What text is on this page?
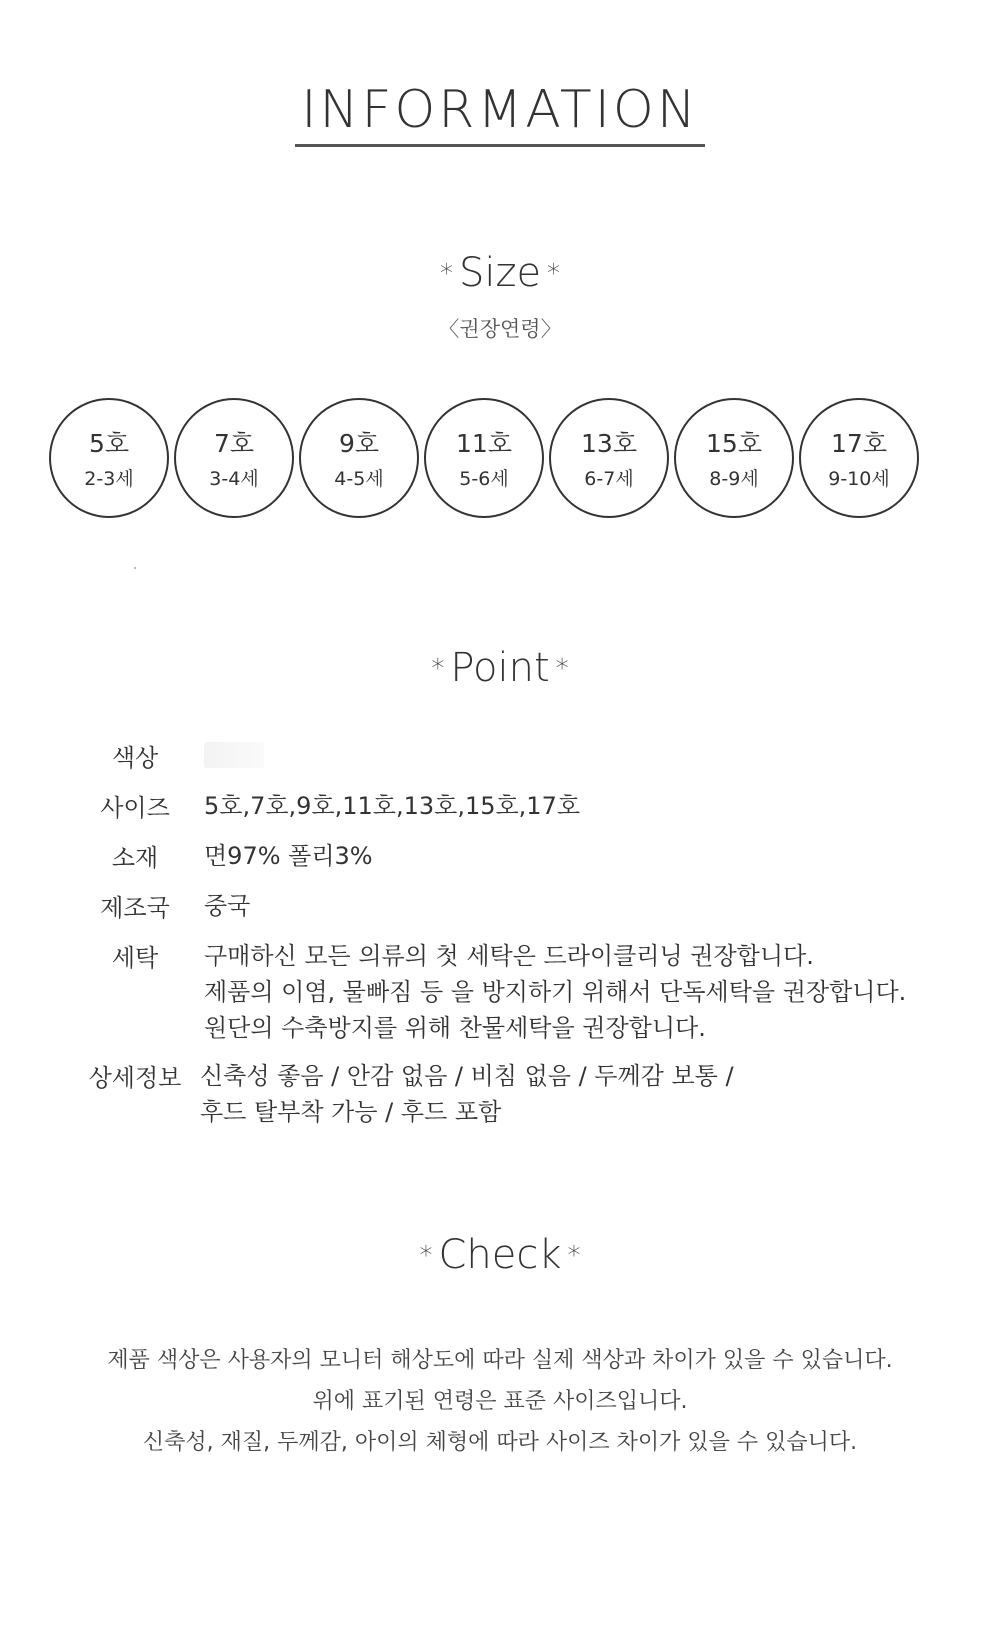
INFORMATION
* Size *
〈권장연령〉
5호
2-3세
7호
3-4세
9호
4-5세
11호
5-6세
13호
6-7세
15호
8-9세
17호
9-10세
* Point *
색상
사이즈	5호,7호,9호,11호,13호,15호,17호
소재	면97% 폴리3%
제조국	중국
세탁	구매하신 모든 의류의 첫 세탁은 드라이클리닝 권장합니다.
제품의 이염, 물빠짐 등 을 방지하기 위해서 단독세탁을 권장합니다.
원단의 수축방지를 위해 찬물세탁을 권장합니다.
상세정보 신축성 좋음 / 안감 없음 / 비침 없음 / 두께감 보통 /
후드 탈부착 가능 / 후드 포함
* Check *
제품 색상은 사용자의 모니터 해상도에 따라 실제 색상과 차이가 있을 수 있습니다.
위에 표기된 연령은 표준 사이즈입니다.
신축성, 재질, 두께감, 아이의 체형에 따라 사이즈 차이가 있을 수 있습니다.
